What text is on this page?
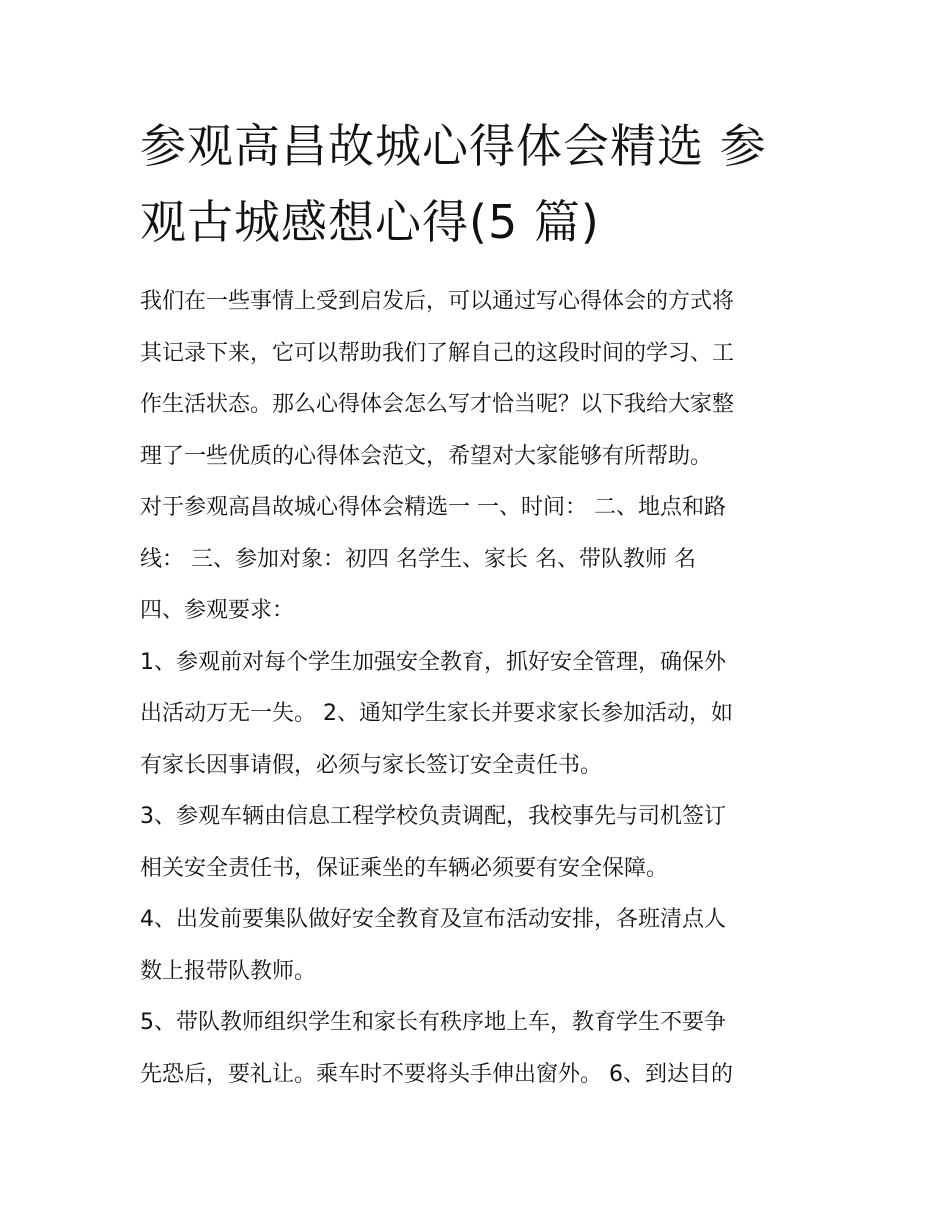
参观高昌故城心得体会精选 参
观古城感想心得(5 篇)
我们在一些事情上受到启发后，可以通过写心得体会的方式将
其记录下来，它可以帮助我们了解自己的这段时间的学习、工
作生活状态。那么心得体会怎么写才恰当呢？以下我给大家整
理了一些优质的心得体会范文，希望对大家能够有所帮助。
对于参观高昌故城心得体会精选一 一、时间： 二、地点和路
线： 三、参加对象：初四 名学生、家长 名、带队教师 名
四、参观要求：
1、参观前对每个学生加强安全教育，抓好安全管理，确保外
出活动万无一失。 2、通知学生家长并要求家长参加活动，如
有家长因事请假，必须与家长签订安全责任书。
3、参观车辆由信息工程学校负责调配，我校事先与司机签订
相关安全责任书，保证乘坐的车辆必须要有安全保障。
4、出发前要集队做好安全教育及宣布活动安排，各班清点人
数上报带队教师。
5、带队教师组织学生和家长有秩序地上车，教育学生不要争
先恐后，要礼让。乘车时不要将头手伸出窗外。 6、到达目的
